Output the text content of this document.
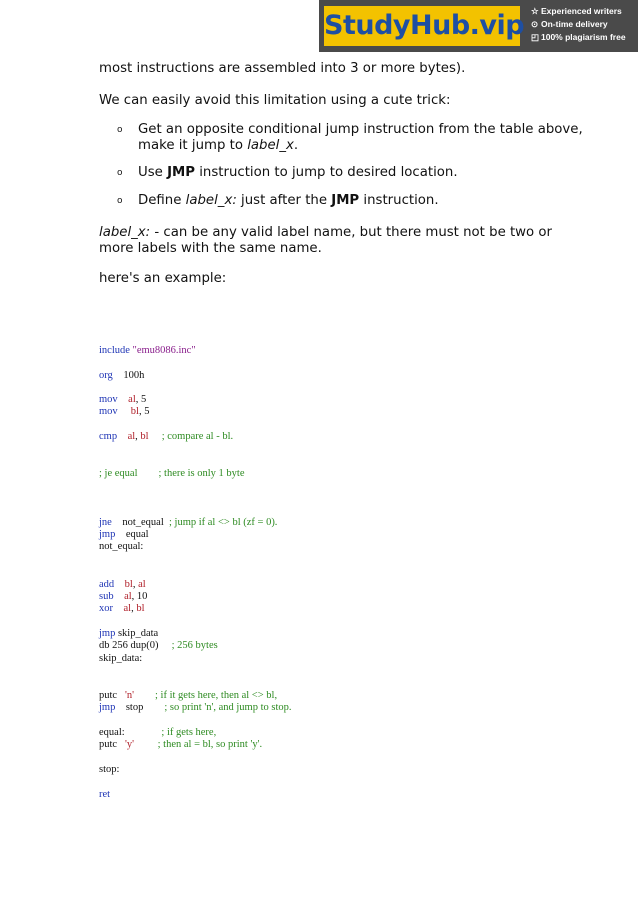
StudyHub.vip ☆ Experienced writers
⊙ On-time delivery
◰ 100% plagiarism free
most instructions are assembled into 3 or more bytes).
We can easily avoid this limitation using a cute trick:
o Get an opposite conditional jump instruction from the table above, make it jump to label_x.
o Use JMP instruction to jump to desired location.
o Define label_x: just after the JMP instruction.
label_x: - can be any valid label name, but there must not be two or more labels with the same name.
here's an example:
include "emu8086.inc"
org    100h
mov    al, 5
mov     bl, 5
cmp    al, bl     ; compare al - bl.
; je equal        ; there is only 1 byte
jne    not_equal  ; jump if al <> bl (zf = 0).
jmp    equal
not_equal:
add    bl, al
sub    al, 10
xor    al, bl
jmp skip_data
db 256 dup(0)     ; 256 bytes
skip_data:
putc   'n'        ; if it gets here, then al <> bl,
jmp    stop        ; so print 'n', and jump to stop.
equal:              ; if gets here,
putc   'y'         ; then al = bl, so print 'y'.
stop:
ret
